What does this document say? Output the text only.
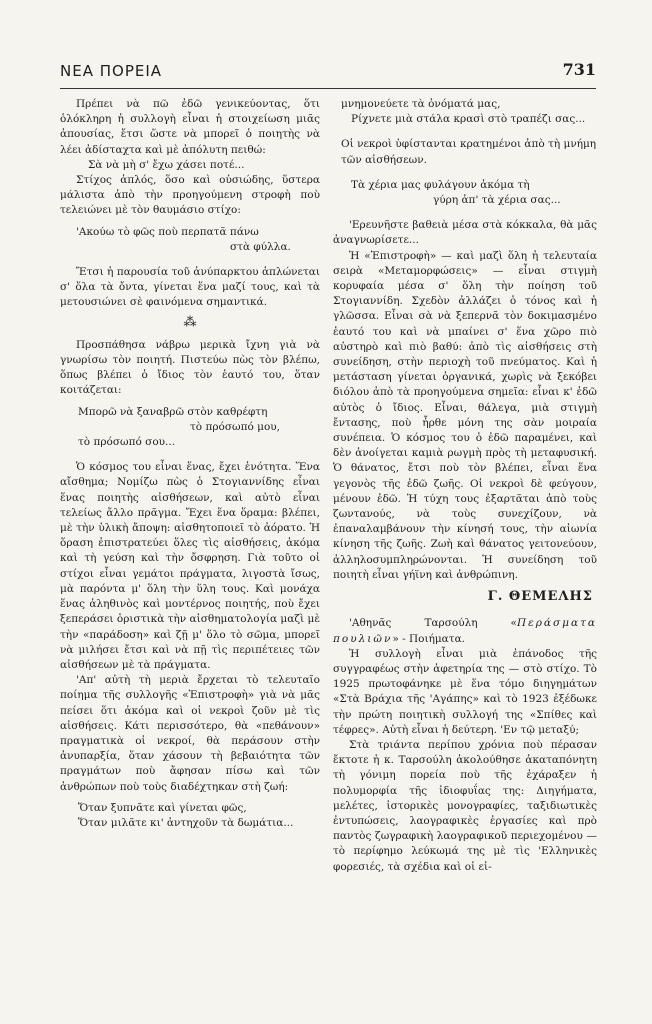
ΝΕΑ ΠΟΡΕΙΑ	731

Πρέπει νὰ πῶ ἐδῶ γενικεύοντας, ὅτι ὁλόκληρη ἡ συλλογὴ εἶναι ἡ στοιχείωση μιᾶς ἀπουσίας, ἔτσι ὥστε νὰ μπορεῖ ὁ ποιητὴς νὰ λέει ἀδίσταχτα καὶ μὲ ἀπόλυτη πειθώ:

Σὰ νὰ μὴ σ' ἔχω χάσει ποτέ...

Στίχος ἁπλός, ὅσο καὶ οὐσιώδης, ὕστερα μάλιστα ἀπὸ τὴν προηγούμενη στροφὴ ποὺ τελειώνει μὲ τὸν θαυμάσιο στίχο:

'Ακούω τὸ φῶς ποὺ περπατᾶ πάνω
στὰ φύλλα.

Ἔτσι ἡ παρουσία τοῦ ἀνύπαρκτου ἁπλώνεται σ' ὅλα τὰ ὄντα, γίνεται ἕνα μαζί τους, καὶ τὰ μετουσιώνει σὲ φαινόμενα σημαντικά.

⁂

Προσπάθησα νάβρω μερικὰ ἴχνη γιὰ νὰ γνωρίσω τὸν ποιητή. Πιστεύω πὼς τὸν βλέπω, ὅπως βλέπει ὁ ἴδιος τὸν ἑαυτό του, ὅταν κοιτάζεται:

Μπορῶ νὰ ξαναβρῶ στὸν καθρέφτη
τὸ πρόσωπό μου,
τὸ πρόσωπό σου...

Ὁ κόσμος του εἶναι ἕνας, ἔχει ἑνότητα. Ἕνα αἴσθημα; Νομίζω πὼς ὁ Στογιαννίδης εἶναι ἕνας ποιητὴς αἰσθήσεων, καὶ αὐτὸ εἶναι τελείως ἄλλο πρᾶγμα. Ἔχει ἕνα ὅραμα: βλέπει, μὲ τὴν ὑλικὴ ἄποψη: αἰσθητοποιεῖ τὸ ἀόρατο. Ἡ ὅραση ἐπιστρατεύει ὅλες τὶς αἰσθήσεις, ἀκόμα καὶ τὴ γεύση καὶ τὴν ὄσφρηση. Γιὰ τοῦτο οἱ στίχοι εἶναι γεμάτοι πράγματα, λιγοστὰ ἴσως, μὰ παρόντα μ' ὅλη τὴν ὕλη τους. Καὶ μονάχα ἕνας ἀληθινὸς καὶ μοντέρνος ποιητής, ποὺ ἔχει ξεπεράσει ὁριστικὰ τὴν αἰσθηματολογία μαζὶ μὲ τὴν «παράδοση» καὶ ζῇ μ' ὅλο τὸ σῶμα, μπορεῖ νὰ μιλήσει ἔτσι καὶ νὰ πῇ τὶς περιπέτειες τῶν αἰσθήσεων μὲ τὰ πράγματα.

'Απ' αὐτὴ τὴ μεριὰ ἔρχεται τὸ τελευταῖο ποίημα τῆς συλλογῆς «Ἐπιστροφὴ» γιὰ νὰ μᾶς πείσει ὅτι ἀκόμα καὶ οἱ νεκροὶ ζοῦν μὲ τὶς αἰσθήσεις. Κάτι περισσότερο, θὰ «πεθάνουν» πραγματικὰ οἱ νεκροί, θὰ περάσουν στὴν ἀνυπαρξία, ὅταν χάσουν τὴ βεβαιότητα τῶν πραγμάτων ποὺ ἄφησαν πίσω καὶ τῶν ἀνθρώπων ποὺ τοὺς διαδέχτηκαν στὴ ζωή:

Ὅταν ξυπνᾶτε καὶ γίνεται φῶς,
Ὅταν μιλᾶτε κι' ἀντηχοῦν τὰ δωμάτια...
μνημονεύετε τὰ ὀνόματά μας,
Ρίχνετε μιὰ στάλα κρασὶ στὸ τραπέζι σας...
Οἱ νεκροὶ ὑφίστανται κρατημένοι ἀπὸ τὴ μνήμη τῶν αἰσθήσεων.
Τὰ χέρια μας φυλάγουν ἀκόμα τὴ
γύρη ἀπ' τὰ χέρια σας...

'Ερευνῆστε βαθειὰ μέσα στὰ κόκκαλα, θὰ μᾶς ἀναγνωρίσετε...

Ἡ «Ἐπιστροφὴ» — καὶ μαζὶ ὅλη ἡ τελευταία σειρὰ «Μεταμορφώσεις» — εἶναι στιγμὴ κορυφαία μέσα σ' ὅλη τὴν ποίηση τοῦ Στογιαννίδη. Σχεδὸν ἀλλάζει ὁ τόνος καὶ ἡ γλῶσσα. Εἶναι σὰ νὰ ξεπερνᾶ τὸν δοκιμασμένο ἑαυτό του καὶ νὰ μπαίνει σ' ἕνα χῶρο πιὸ αὐστηρὸ καὶ πιὸ βαθύ: ἀπὸ τὶς αἰσθήσεις στὴ συνείδηση, στὴν περιοχὴ τοῦ πνεύματος. Καὶ ἡ μετάσταση γίνεται ὀργανικά, χωρὶς νὰ ξεκόβει διόλου ἀπὸ τὰ προηγούμενα σημεῖα: εἶναι κ' ἐδῶ αὐτὸς ὁ ἴδιος. Εἶναι, θάλεγα, μιὰ στιγμὴ ἔντασης, ποὺ ἦρθε μόνη της σὰν μοιραία συνέπεια. Ὁ κόσμος του ὁ ἐδῶ παραμένει, καὶ δὲν ἀνοίγεται καμιὰ ρωγμὴ πρὸς τὴ μεταφυσική. Ὁ θάνατος, ἔτσι ποὺ τὸν βλέπει, εἶναι ἕνα γεγονὸς τῆς ἐδῶ ζωῆς. Οἱ νεκροὶ δὲ φεύγουν, μένουν ἐδῶ. Ἡ τύχη τους ἐξαρτᾶται ἀπὸ τοὺς ζωντανούς, νὰ τοὺς συνεχίζουν, νὰ ἐπαναλαμβάνουν τὴν κίνησή τους, τὴν αἰωνία κίνηση τῆς ζωῆς. Ζωὴ καὶ θάνατος γειτονεύουν, ἀλληλοσυμπληρώνονται. Ἡ συνείδηση τοῦ ποιητὴ εἶναι γήϊνη καὶ ἀνθρώπινη.

Γ. ΘΕΜΕΛΗΣ

'Αθηνᾶς Ταρσούλη «Περάσματα πουλιῶν» - Ποιήματα.

Ἡ συλλογὴ εἶναι μιὰ ἐπάνοδος τῆς συγγραφέως στὴν ἀφετηρία της — στὸ στίχο. Τὸ 1925 πρωτοφάνηκε μὲ ἕνα τόμο διηγημάτων «Στὰ Βράχια τῆς 'Αγάπης» καὶ τὸ 1923 ἐξέδωκε τὴν πρώτη ποιητικὴ συλλογή της «Σπίθες καὶ τέφρες». Αὐτὴ εἶναι ἡ δεύτερη. 'Εν τῷ μεταξύ;

Στὰ τριάντα περίπου χρόνια ποὺ πέρασαν ἔκτοτε ἡ κ. Ταρσούλη ἀκολούθησε ἀκαταπόνητη τὴ γόνιμη πορεία ποὺ τῆς ἐχάραξεν ἡ πολυμορφία τῆς ἰδιοφυΐας της: Διηγήματα, μελέτες, ἱστορικὲς μονογραφίες, ταξιδιωτικὲς ἐντυπώσεις, λαογραφικὲς ἐργασίες καὶ πρὸ παντὸς ζωγραφικὴ λαογραφικοῦ περιεχομένου — τὸ περίφημο λεύκωμά της μὲ τὶς 'Ελληνικὲς φορεσιές, τὰ σχέδια καὶ οἱ εἰ-
